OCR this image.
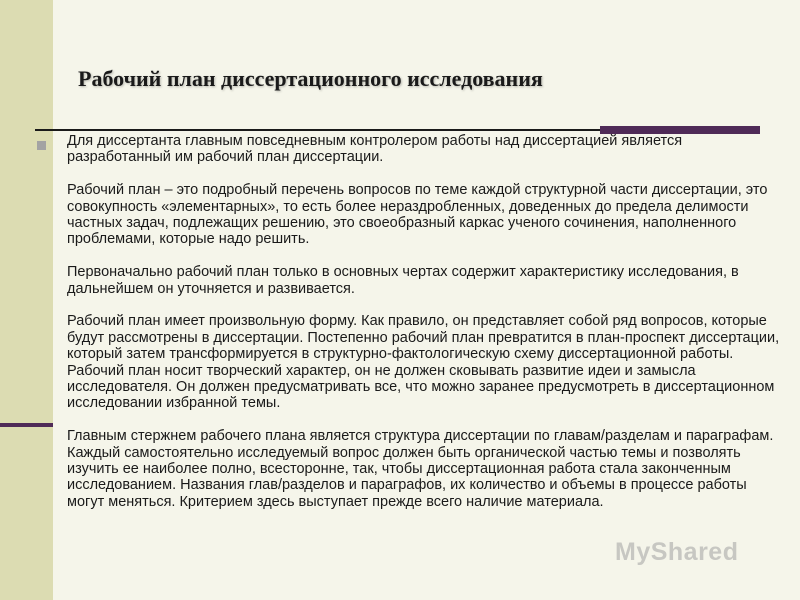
Рабочий план диссертационного исследования

Для диссертанта главным повседневным контролером работы над диссертацией является разработанный им рабочий план диссертации.

Рабочий план – это подробный перечень вопросов по теме каждой структурной части диссертации, это совокупность «элементарных», то есть более нераздробленных, доведенных до предела делимости частных задач, подлежащих решению, это своеобразный каркас ученого сочинения, наполненного проблемами, которые надо решить.

Первоначально рабочий план только в основных чертах содержит характеристику исследования, в дальнейшем он уточняется и развивается.

Рабочий план имеет произвольную форму. Как правило, он представляет собой ряд вопросов, которые будут рассмотрены в диссертации. Постепенно рабочий план превратится в план-проспект диссертации, который затем трансформируется в структурно-фактологическую схему диссертационной работы. Рабочий план носит творческий характер, он не должен сковывать развитие идеи и замысла исследователя. Он должен предусматривать все, что можно заранее предусмотреть в диссертационном исследовании избранной темы.

Главным стержнем рабочего плана является структура диссертации по главам/разделам и параграфам. Каждый самостоятельно исследуемый вопрос должен быть органической частью темы и позволять изучить ее наиболее полно, всесторонне, так, чтобы диссертационная работа стала законченным исследованием. Названия глав/разделов и параграфов, их количество и объемы в процессе работы могут меняться. Критерием здесь выступает прежде всего наличие материала.

MyShared
